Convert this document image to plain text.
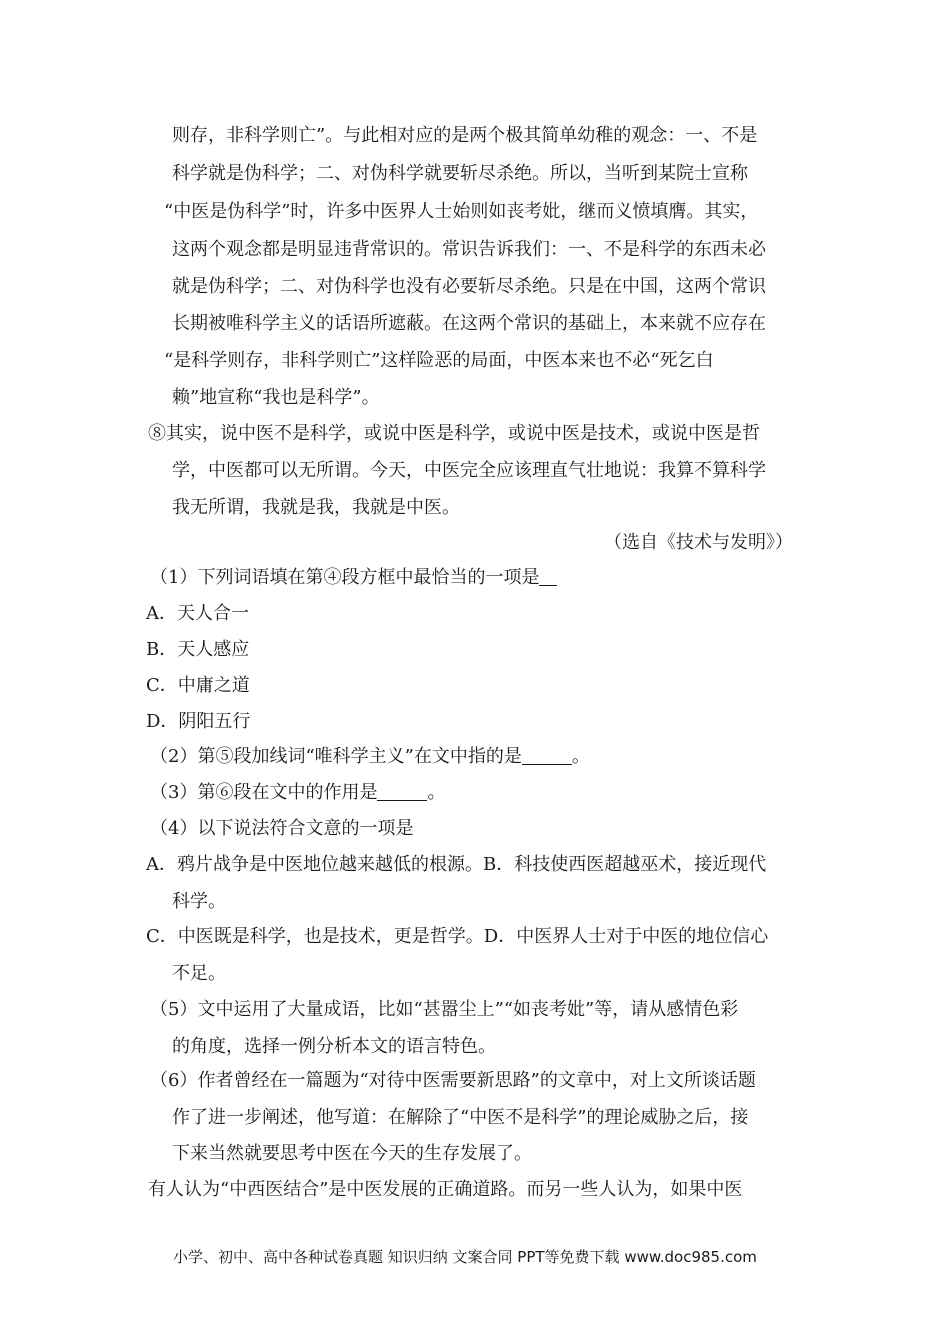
则存，非科学则亡”。与此相对应的是两个极其简单幼稚的观念：一、不是
科学就是伪科学；二、对伪科学就要斩尽杀绝。所以，当听到某院士宣称
“中医是伪科学”时，许多中医界人士始则如丧考妣，继而义愤填膺。其实，
这两个观念都是明显违背常识的。常识告诉我们：一、不是科学的东西未必
就是伪科学；二、对伪科学也没有必要斩尽杀绝。只是在中国，这两个常识
长期被唯科学主义的话语所遮蔽。在这两个常识的基础上，本来就不应存在
“是科学则存，非科学则亡”这样险恶的局面，中医本来也不必“死乞白
赖”地宣称“我也是科学”。
⑧其实，说中医不是科学，或说中医是科学，或说中医是技术，或说中医是哲
学，中医都可以无所谓。今天，中医完全应该理直气壮地说：我算不算科学
我无所谓，我就是我，我就是中医。
（选自《技术与发明》）
（1）下列词语填在第④段方框中最恰当的一项是
A．天人合一
B．天人感应
C．中庸之道
D．阴阳五行
（2）第⑤段加线词“唯科学主义”在文中指的是	。
（3）第⑥段在文中的作用是	。
（4）以下说法符合文意的一项是
A．鸦片战争是中医地位越来越低的根源。B．科技使西医超越巫术，接近现代
科学。
C．中医既是科学，也是技术，更是哲学。D．中医界人士对于中医的地位信心
不足。
（5）文中运用了大量成语，比如“甚嚣尘上”“如丧考妣”等，请从感情色彩
的角度，选择一例分析本文的语言特色。
（6）作者曾经在一篇题为“对待中医需要新思路”的文章中，对上文所谈话题
作了进一步阐述，他写道：在解除了“中医不是科学”的理论威胁之后，接
下来当然就要思考中医在今天的生存发展了。
有人认为“中西医结合”是中医发展的正确道路。而另一些人认为，如果中医
小学、初中、高中各种试卷真题 知识归纳 文案合同 PPT等免费下载 www.doc985.com
